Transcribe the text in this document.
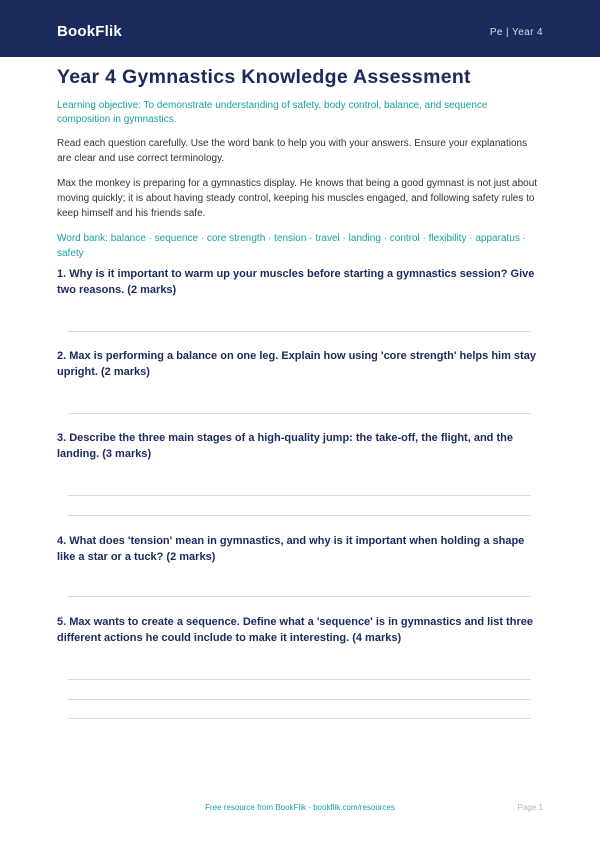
BookFlik	Pe | Year 4
Year 4 Gymnastics Knowledge Assessment

Learning objective: To demonstrate understanding of safety, body control, balance, and sequence composition in gymnastics.

Read each question carefully. Use the word bank to help you with your answers. Ensure your explanations are clear and use correct terminology.

Max the monkey is preparing for a gymnastics display. He knows that being a good gymnast is not just about moving quickly; it is about having steady control, keeping his muscles engaged, and following safety rules to keep himself and his friends safe.

Word bank: balance · sequence · core strength · tension · travel · landing · control · flexibility · apparatus · safety

1. Why is it important to warm up your muscles before starting a gymnastics session? Give two reasons. (2 marks)

2. Max is performing a balance on one leg. Explain how using 'core strength' helps him stay upright. (2 marks)

3. Describe the three main stages of a high-quality jump: the take-off, the flight, and the landing. (3 marks)

4. What does 'tension' mean in gymnastics, and why is it important when holding a shape like a star or a tuck? (2 marks)

5. Max wants to create a sequence. Define what a 'sequence' is in gymnastics and list three different actions he could include to make it interesting. (4 marks)

Free resource from BookFlik · bookflik.com/resources	Page 1
